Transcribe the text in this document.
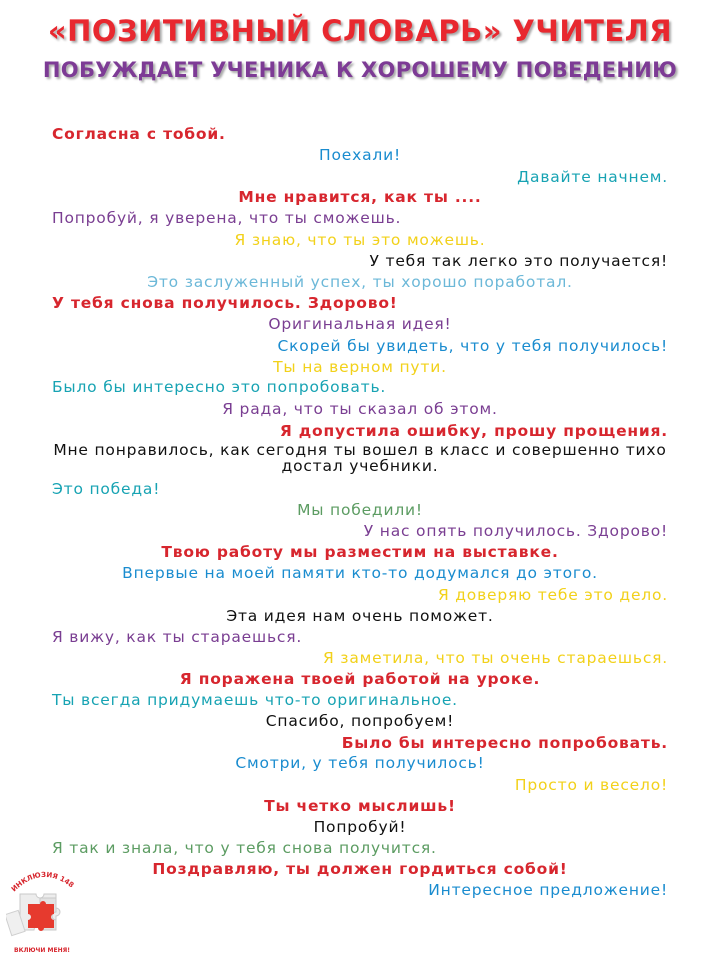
«ПОЗИТИВНЫЙ СЛОВАРЬ» УЧИТЕЛЯ
ПОБУЖДАЕТ УЧЕНИКА К ХОРОШЕМУ ПОВЕДЕНИЮ
Согласна с тобой.
Поехали!
Давайте начнем.
Мне нравится, как ты ....
Попробуй, я уверена, что ты сможешь.
Я знаю, что ты это можешь.
У тебя так легко это получается!
Это заслуженный успех, ты хорошо поработал.
У тебя снова получилось. Здорово!
Оригинальная идея!
Скорей бы увидеть, что у тебя получилось!
Ты на верном пути.
Было бы интересно это попробовать.
Я рада, что ты сказал об этом.
Я допустила ошибку, прошу прощения.
Мне понравилось, как сегодня ты вошел в класс и совершенно тихо достал учебники.
Это победа!
Мы победили!
У нас опять получилось. Здорово!
Твою работу мы разместим на выставке.
Впервые на моей памяти кто-то додумался до этого.
Я доверяю тебе это дело.
Эта идея нам очень поможет.
Я вижу, как ты стараешься.
Я заметила, что ты очень стараешься.
Я поражена твоей работой на уроке.
Ты всегда придумаешь что-то оригинальное.
Спасибо, попробуем!
Было бы интересно попробовать.
Смотри, у тебя получилось!
Просто и весело!
Ты четко мыслишь!
Попробуй!
Я так и знала, что у тебя снова получится.
Поздравляю, ты должен гордиться собой!
Интересное предложение!
ИНКЛЮЗИЯ 148
ВКЛЮЧИ МЕНЯ!
